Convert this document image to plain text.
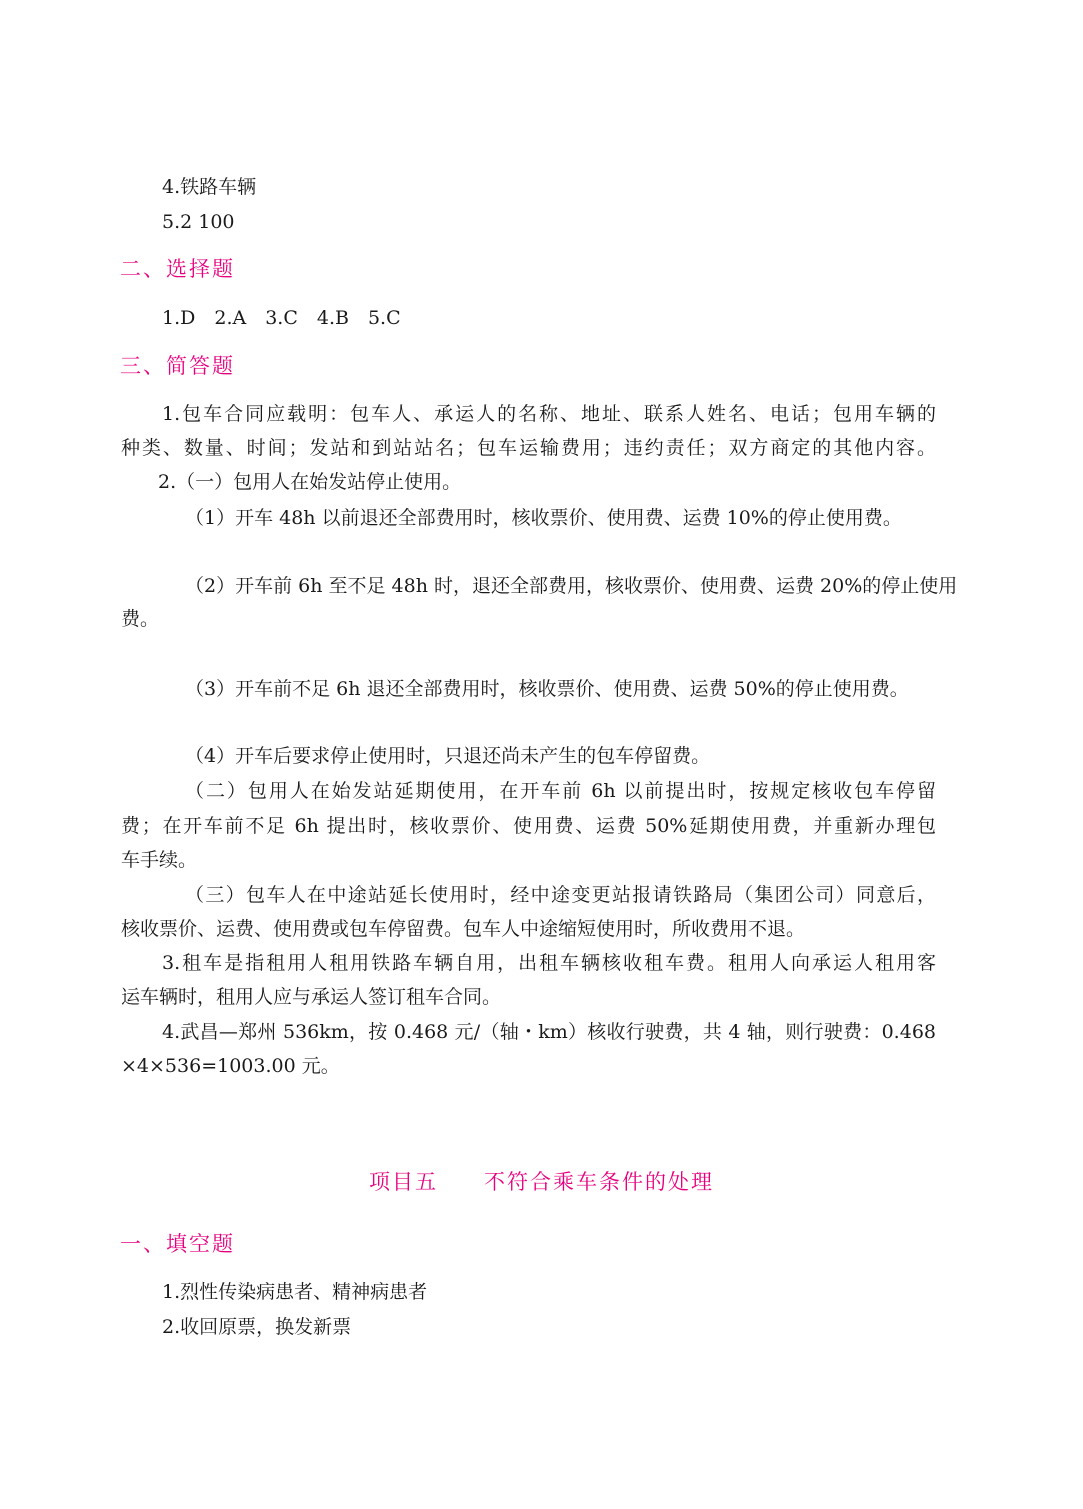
4.铁路车辆
5.2 100
二、选择题
1.D　2.A　3.C　4.B　5.C
三、简答题
1.包车合同应载明：包车人、承运人的名称、地址、联系人姓名、电话；包用车辆的
种类、数量、时间；发站和到站站名；包车运输费用；违约责任；双方商定的其他内容。
2.（一）包用人在始发站停止使用。
（1）开车 48h 以前退还全部费用时，核收票价、使用费、运费 10%的停止使用费。
（2）开车前 6h 至不足 48h 时，退还全部费用，核收票价、使用费、运费 20%的停止使用
费。
（3）开车前不足 6h 退还全部费用时，核收票价、使用费、运费 50%的停止使用费。
（4）开车后要求停止使用时，只退还尚未产生的包车停留费。
（二）包用人在始发站延期使用，在开车前 6h 以前提出时，按规定核收包车停留
费；在开车前不足 6h 提出时，核收票价、使用费、运费 50%延期使用费，并重新办理包
车手续。
（三）包车人在中途站延长使用时，经中途变更站报请铁路局（集团公司）同意后，
核收票价、运费、使用费或包车停留费。包车人中途缩短使用时，所收费用不退。
3.租车是指租用人租用铁路车辆自用，出租车辆核收租车费。租用人向承运人租用客
运车辆时，租用人应与承运人签订租车合同。
4.武昌—郑州 536km，按 0.468 元/（轴・km）核收行驶费，共 4 轴，则行驶费：0.468
×4×536=1003.00 元。
项目五　　不符合乘车条件的处理
一、填空题
1.烈性传染病患者、精神病患者
2.收回原票，换发新票
